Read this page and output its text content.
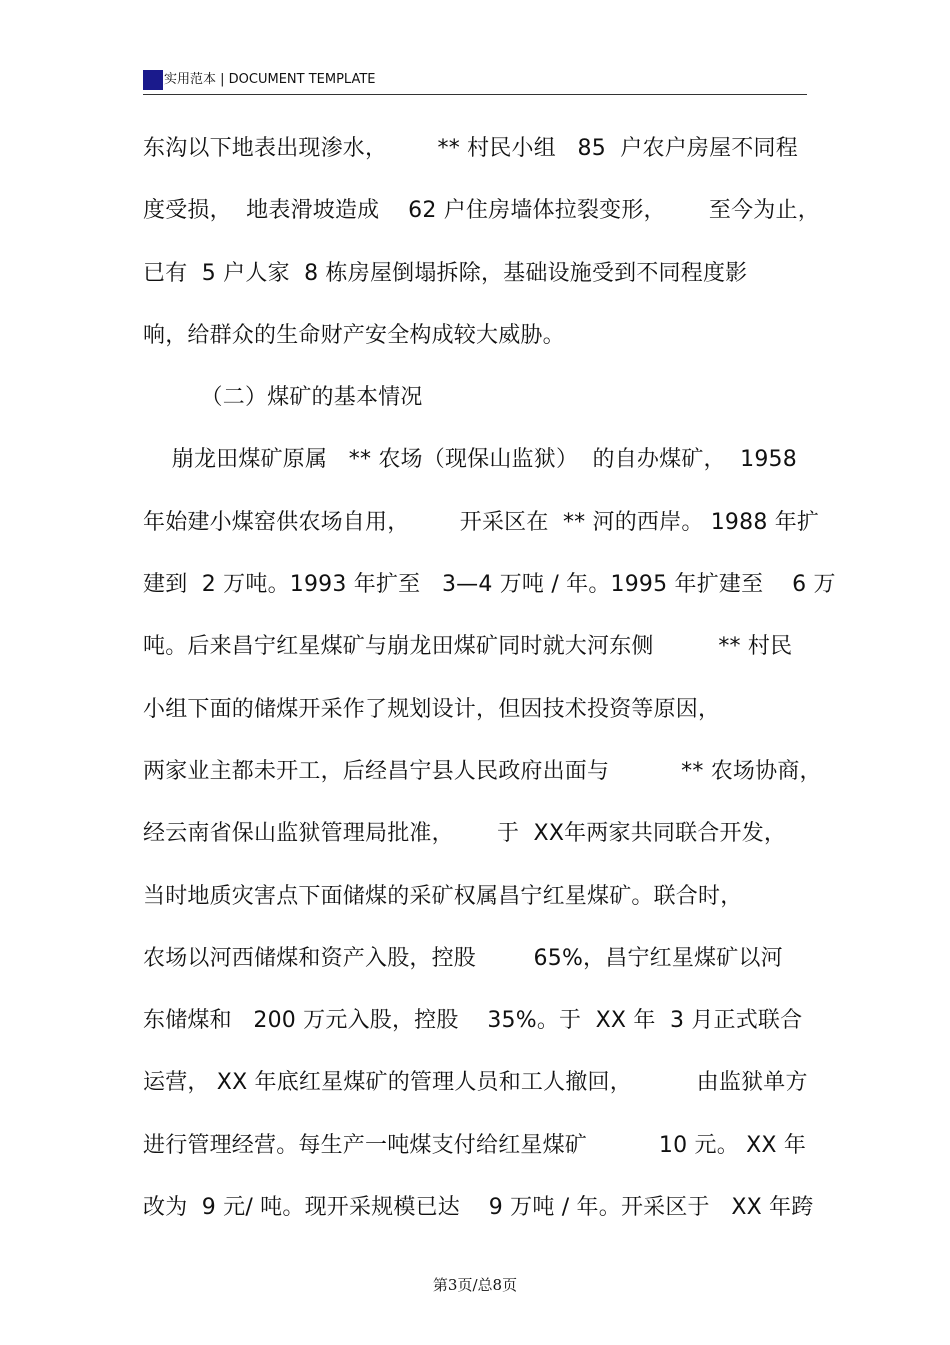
实用范本 | DOCUMENT TEMPLATE
东沟以下地表出现渗水，       ** 村民小组   85  户农户房屋不同程
度受损，  地表滑坡造成    62 户住房墙体拉裂变形，      至今为止，
已有  5 户人家  8 栋房屋倒塌拆除，基础设施受到不同程度影
响，给群众的生命财产安全构成较大威胁。
（二）煤矿的基本情况
崩龙田煤矿原属   ** 农场（现保山监狱）  的自办煤矿，  1958
年始建小煤窑供农场自用，       开采区在  ** 河的西岸。 1988 年扩
建到  2 万吨。1993 年扩至   3—4 万吨 / 年。1995 年扩建至    6 万
吨。后来昌宁红星煤矿与崩龙田煤矿同时就大河东侧         ** 村民
小组下面的储煤开采作了规划设计，但因技术投资等原因，
两家业主都未开工，后经昌宁县人民政府出面与          ** 农场协商，
经云南省保山监狱管理局批准，      于  XX年两家共同联合开发，
当时地质灾害点下面储煤的采矿权属昌宁红星煤矿。联合时，
农场以河西储煤和资产入股，控股        65%，昌宁红星煤矿以河
东储煤和   200 万元入股，控股    35%。于  XX 年  3 月正式联合
运营， XX 年底红星煤矿的管理人员和工人撤回，         由监狱单方
进行管理经营。每生产一吨煤支付给红星煤矿          10 元。 XX 年
改为  9 元/ 吨。现开采规模已达    9 万吨 / 年。开采区于   XX 年跨
第3页/总8页
